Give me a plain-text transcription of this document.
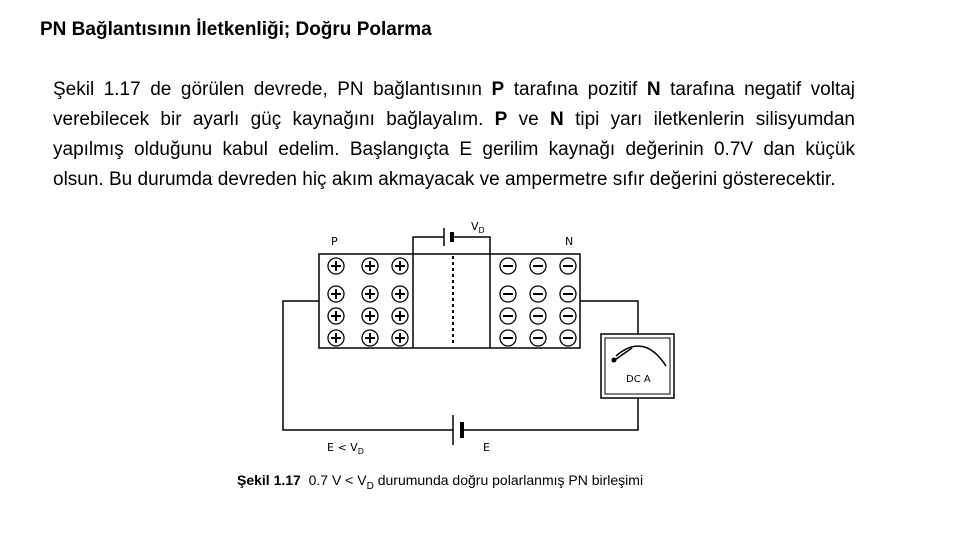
PN Bağlantısının İletkenliği; Doğru Polarma
Şekil 1.17 de görülen devrede, PN bağlantısının P tarafına pozitif N tarafına negatif voltaj verebilecek bir ayarlı güç kaynağını bağlayalım. P ve N tipi yarı iletkenlerin silisyumdan yapılmış olduğunu kabul edelim. Başlangıçta E gerilim kaynağı değerinin 0.7V dan küçük olsun. Bu durumda devreden hiç akım akmayacak ve ampermetre sıfır değerini gösterecektir.
P	N
$V_D$
DC A
$E < V_D$	E
Şekil 1.17  0.7 $V < V_D$ durumunda doğru polarlanmış PN birleşimi
